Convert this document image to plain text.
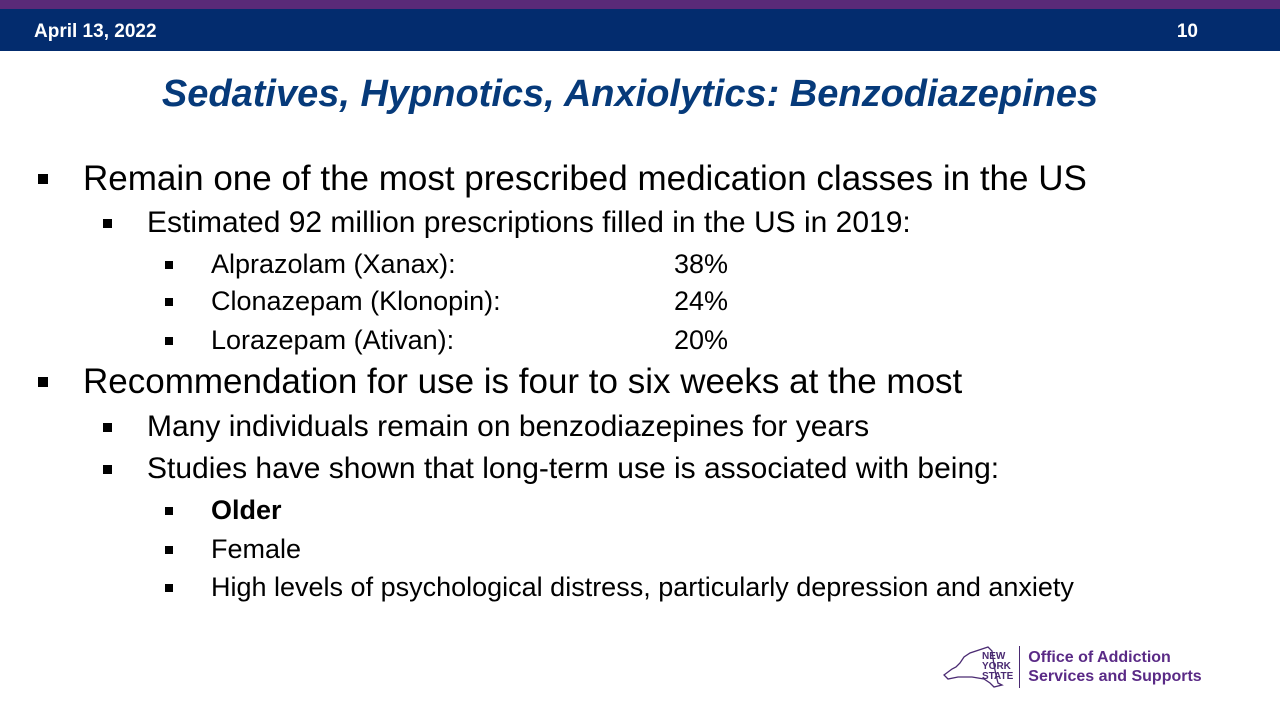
April 13, 2022	10
Sedatives, Hypnotics, Anxiolytics: Benzodiazepines
Remain one of the most prescribed medication classes in the US
Estimated 92 million prescriptions filled in the US in 2019:
Alprazolam (Xanax):	38%
Clonazepam (Klonopin):	24%
Lorazepam (Ativan):	20%
Recommendation for use is four to six weeks at the most
Many individuals remain on benzodiazepines for years
Studies have shown that long-term use is associated with being:
Older
Female
High levels of psychological distress, particularly depression and anxiety
NEW
YORK
STATE
Office of Addiction
Services and Supports
